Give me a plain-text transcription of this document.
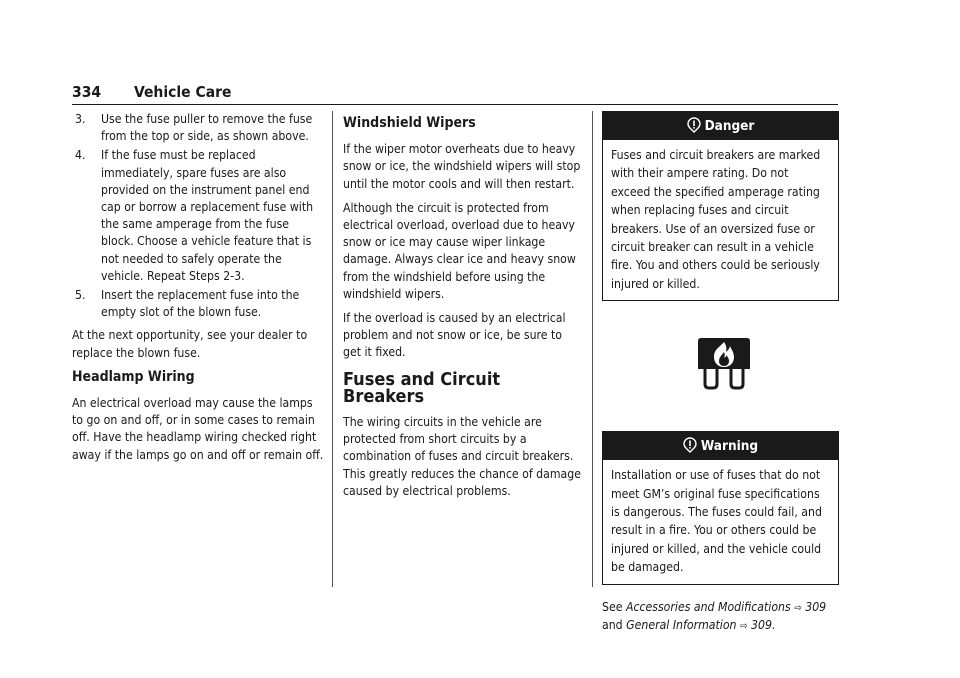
334 Vehicle Care
3. Use the fuse puller to remove the fuse from the top or side, as shown above.
4. If the fuse must be replaced immediately, spare fuses are also provided on the instrument panel end cap or borrow a replacement fuse with the same amperage from the fuse block. Choose a vehicle feature that is not needed to safely operate the vehicle. Repeat Steps 2-3.
5. Insert the replacement fuse into the empty slot of the blown fuse.

At the next opportunity, see your dealer to replace the blown fuse.

Headlamp Wiring

An electrical overload may cause the lamps to go on and off, or in some cases to remain off. Have the headlamp wiring checked right away if the lamps go on and off or remain off.

Windshield Wipers

If the wiper motor overheats due to heavy snow or ice, the windshield wipers will stop until the motor cools and will then restart.

Although the circuit is protected from electrical overload, overload due to heavy snow or ice may cause wiper linkage damage. Always clear ice and heavy snow from the windshield before using the windshield wipers.

If the overload is caused by an electrical problem and not snow or ice, be sure to get it fixed.

Fuses and Circuit Breakers

The wiring circuits in the vehicle are protected from short circuits by a combination of fuses and circuit breakers. This greatly reduces the chance of damage caused by electrical problems.

Danger
Fuses and circuit breakers are marked with their ampere rating. Do not exceed the specified amperage rating when replacing fuses and circuit breakers. Use of an oversized fuse or circuit breaker can result in a vehicle fire. You and others could be seriously injured or killed.
Warning
Installation or use of fuses that do not meet GM’s original fuse specifications is dangerous. The fuses could fail, and result in a fire. You or others could be injured or killed, and the vehicle could be damaged.

See Accessories and Modifications ⇨ 309 and General Information ⇨ 309.
